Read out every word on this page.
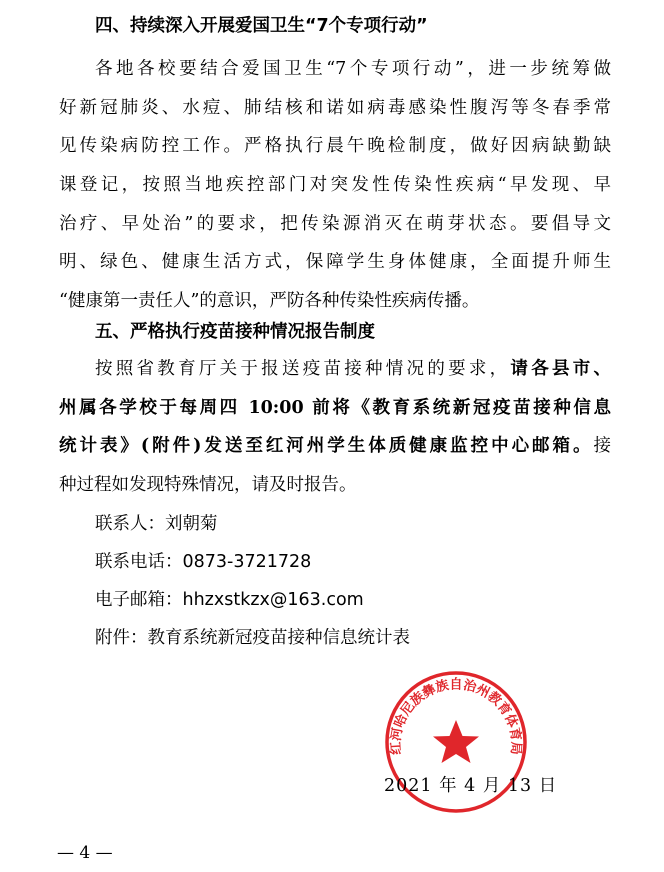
四、持续深入开展爱国卫生“7个专项行动”
各地各校要结合爱国卫生“7个专项行动”，进一步统筹做
好新冠肺炎、水痘、肺结核和诺如病毒感染性腹泻等冬春季常
见传染病防控工作。严格执行晨午晚检制度，做好因病缺勤缺
课登记，按照当地疾控部门对突发性传染性疾病“早发现、早
治疗、早处治”的要求，把传染源消灭在萌芽状态。要倡导文
明、绿色、健康生活方式，保障学生身体健康，全面提升师生
“健康第一责任人”的意识，严防各种传染性疾病传播。
五、严格执行疫苗接种情况报告制度
按照省教育厅关于报送疫苗接种情况的要求，请各县市、
州属各学校于每周四 10:00 前将《教育系统新冠疫苗接种信息
统计表》(附件)发送至红河州学生体质健康监控中心邮箱。接
种过程如发现特殊情况，请及时报告。
联系人：刘朝菊
联系电话：0873-3721728
电子邮箱：hhzxstkzx@163.com
附件：教育系统新冠疫苗接种信息统计表
红河哈尼族彝族自治州教育体育局
2021 年 4 月 13 日
— 4 —
